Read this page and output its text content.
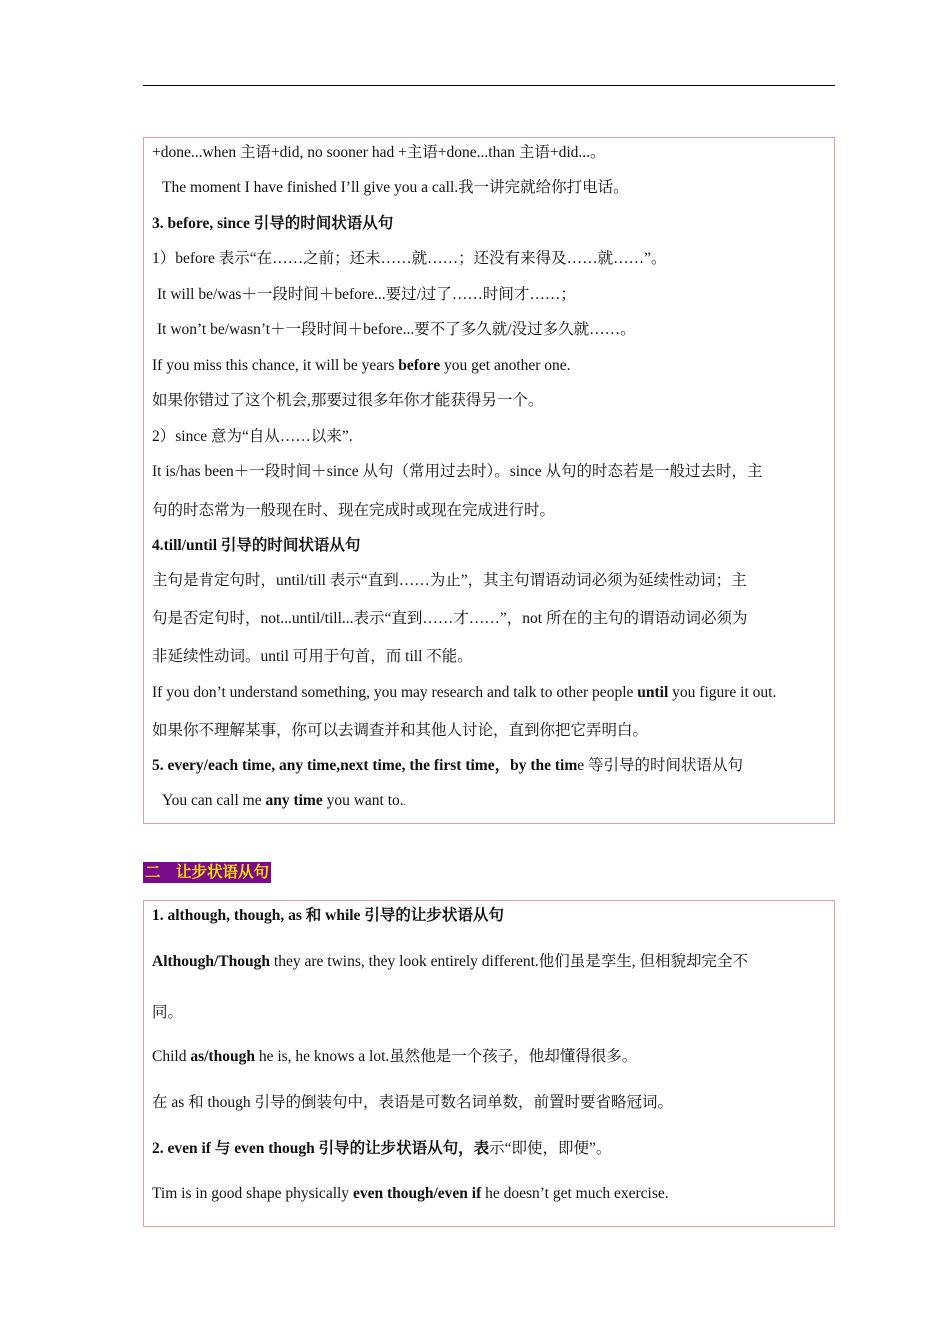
+done...when 主语+did, no sooner had +主语+done...than 主语+did...。
The moment I have finished I’ll give you a call.我一讲完就给你打电话。
3. before, since 引导的时间状语从句
1）before 表示“在……之前；还未……就……；还没有来得及……就……”。
It will be/was＋一段时间＋before...要过/过了……时间才……；
It won’t be/wasn’t＋一段时间＋before...要不了多久就/没过多久就……。
If you miss this chance, it will be years before you get another one.
如果你错过了这个机会,那要过很多年你才能获得另一个。
2）since 意为“自从……以来”.
It is/has been＋一段时间＋since 从句（常用过去时）。since 从句的时态若是一般过去时，主
句的时态常为一般现在时、现在完成时或现在完成进行时。
4.till/until 引导的时间状语从句
主句是肯定句时，until/till 表示“直到……为止”，其主句谓语动词必须为延续性动词；主
句是否定句时，not...until/till...表示“直到……才……”，not 所在的主句的谓语动词必须为
非延续性动词。until 可用于句首，而 till 不能。
If you don’t understand something, you may research and talk to other people until you figure it out.
如果你不理解某事，你可以去调查并和其他人讨论，直到你把它弄明白。
5. every/each time, any time,next time, the first time，by the time 等引导的时间状语从句
You can call me any time you want to..
二　让步状语从句
1. although, though, as 和 while 引导的让步状语从句
Although/Though they are twins, they look entirely different.他们虽是孪生, 但相貌却完全不
同。
Child as/though he is, he knows a lot.虽然他是一个孩子，他却懂得很多。
在 as 和 though 引导的倒装句中，表语是可数名词单数，前置时要省略冠词。
2. even if 与 even though 引导的让步状语从句，表示“即使，即便”。
Tim is in good shape physically even though/even if he doesn’t get much exercise.
